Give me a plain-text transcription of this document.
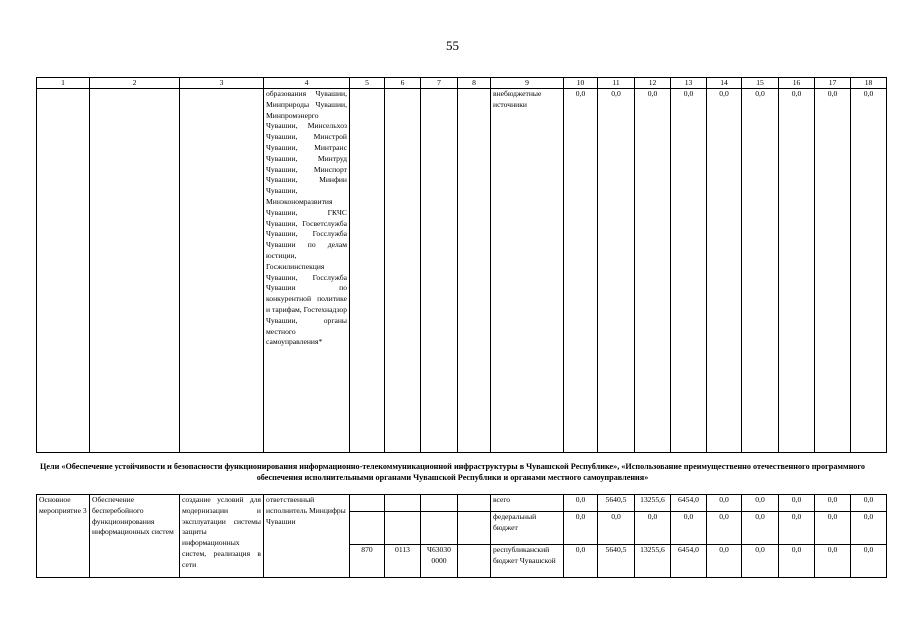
55
1	2	3	4	5	6	7	8	9	10	11	12	13	14	15	16	17	18
			образования Чувашии, Минприроды Чувашии, Минпромэнерго Чувашии, Минсельхоз Чувашии, Минстрой Чувашии, Минтранс Чувашии, Минтруд Чувашии, Минспорт Чувашии, Минфин Чувашии, Минэкономразвития Чувашии, ГКЧС Чувашии, Госветслужба Чувашии, Госслужба Чувашии по делам юстиции, Госжилинспекция Чувашии, Госслужба Чувашии по конкурентной политике и тарифам, Гостехнадзор Чувашии, органы местного самоуправления*					внебюджетные источники	0,0	0,0	0,0	0,0	0,0	0,0	0,0	0,0	0,0
Цели «Обеспечение устойчивости и безопасности функционирования информационно-телекоммуникационной инфраструктуры в Чувашской Республике», «Использование преимущественно отечественного программного обеспечения исполнительными органами Чувашской Республики и органами местного самоуправления»
Основное мероприятие 3	Обеспечение бесперебойного функционирования информационных систем	создание условий для модернизации и эксплуатации системы защиты информационных систем, реализация в сети	ответственный исполнитель Минцифры Чувашии					всего	0,0	5640,5	13255,6	6454,0	0,0	0,0	0,0	0,0	0,0
								федеральный бюджет	0,0	0,0	0,0	0,0	0,0	0,0	0,0	0,0	0,0
				870	0113	Ч63030 0000		республиканский бюджет Чувашской	0,0	5640,5	13255,6	6454,0	0,0	0,0	0,0	0,0	0,0
